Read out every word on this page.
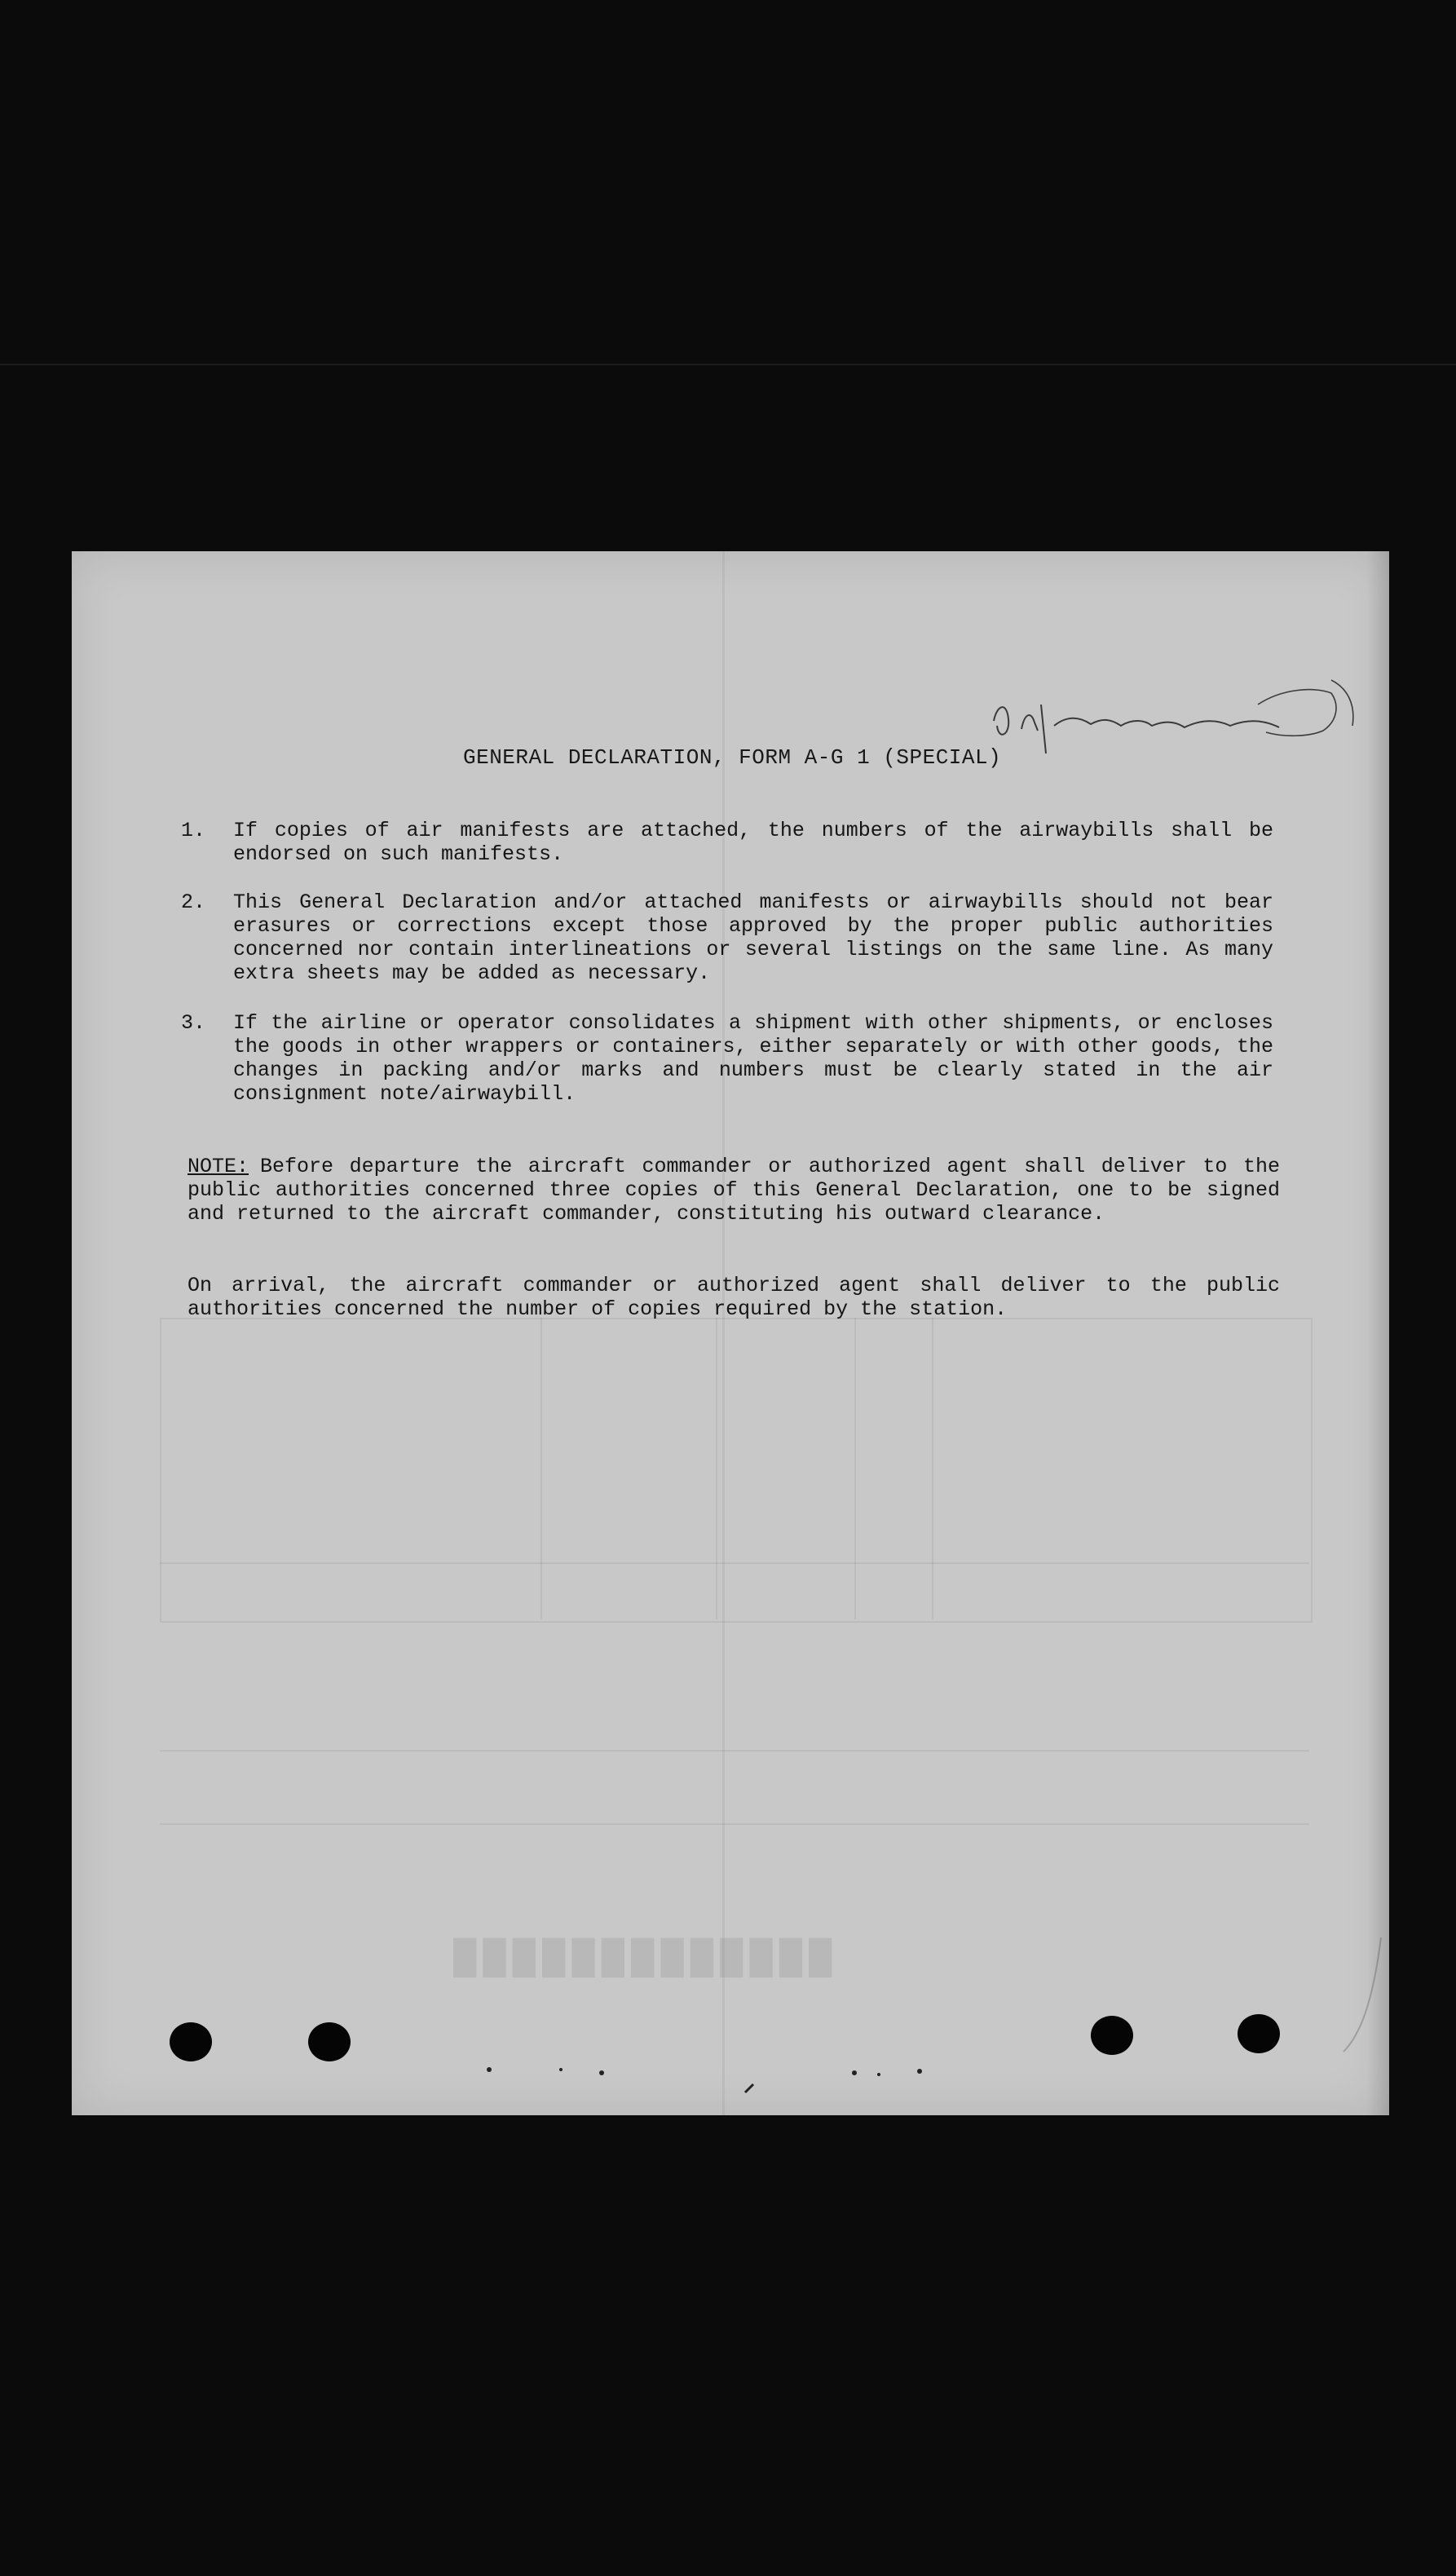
█████████████
GENERAL DECLARATION, FORM A-G 1 (SPECIAL)
1.	If copies of air manifests are attached, the numbers of the airwaybills shall be endorsed on such manifests.
2.	This General Declaration and/or attached manifests or airwaybills should not bear erasures or corrections except those approved by the proper public authorities concerned nor contain interlineations or several listings on the same line. As many extra sheets may be added as necessary.
3.	If the airline or operator consolidates a shipment with other shipments, or encloses the goods in other wrappers or containers, either separately or with other goods, the changes in packing and/or marks and numbers must be clearly stated in the air consignment note/airwaybill.
NOTE: Before departure the aircraft commander or authorized agent shall deliver to the public authorities concerned three copies of this General Declaration, one to be signed and returned to the aircraft commander, constituting his outward clearance.
On arrival, the aircraft commander or authorized agent shall deliver to the public authorities concerned the number of copies required by the station.
